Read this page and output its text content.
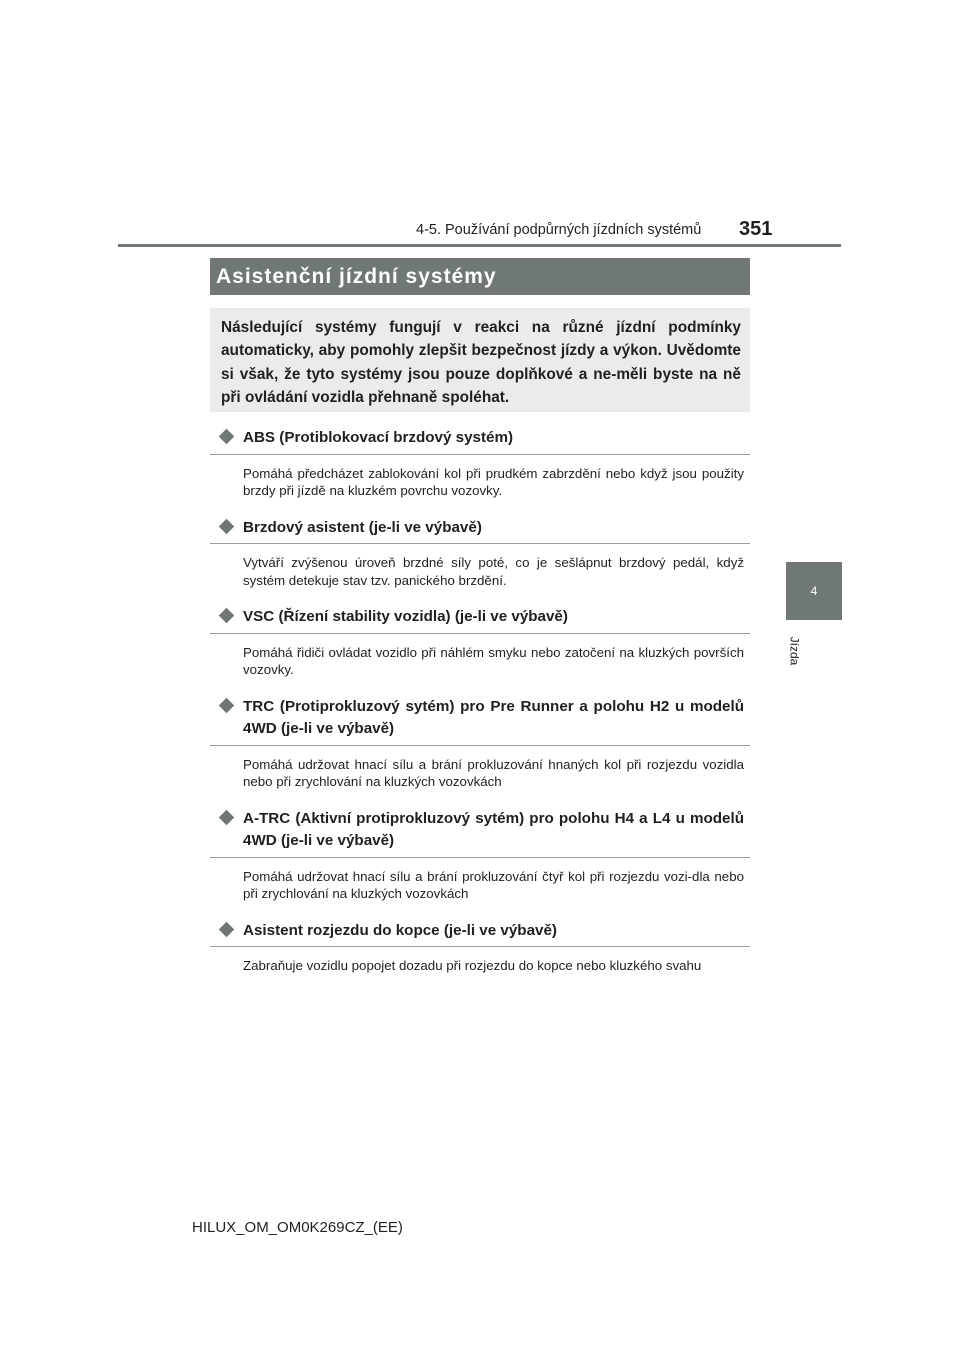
4-5. Používání podpůrných jízdních systémů 351
4
Jízda
Asistenční jízdní systémy
Následující systémy fungují v reakci na různé jízdní podmínky automaticky, aby pomohly zlepšit bezpečnost jízdy a výkon. Uvědomte si však, že tyto systémy jsou pouze doplňkové a ne-měli byste na ně při ovládání vozidla přehnaně spoléhat.
ABS (Protiblokovací brzdový systém)
Pomáhá předcházet zablokování kol při prudkém zabrzdění nebo když jsou použity brzdy při jízdě na kluzkém povrchu vozovky.
Brzdový asistent (je-li ve výbavě)
Vytváří zvýšenou úroveň brzdné síly poté, co je sešlápnut brzdový pedál, když systém detekuje stav tzv. panického brzdění.
VSC (Řízení stability vozidla) (je-li ve výbavě)
Pomáhá řidiči ovládat vozidlo při náhlém smyku nebo zatočení na kluzkých površích vozovky.
TRC (Protiprokluzový sytém) pro Pre Runner a polohu H2 u modelů 4WD (je-li ve výbavě)
Pomáhá udržovat hnací sílu a brání prokluzování hnaných kol při rozjezdu vozidla nebo při zrychlování na kluzkých vozovkách
A-TRC (Aktivní protiprokluzový sytém) pro polohu H4 a L4 u modelů 4WD (je-li ve výbavě)
Pomáhá udržovat hnací sílu a brání prokluzování čtyř kol při rozjezdu vozi-dla nebo při zrychlování na kluzkých vozovkách
Asistent rozjezdu do kopce (je-li ve výbavě)
Zabraňuje vozidlu popojet dozadu při rozjezdu do kopce nebo kluzkého svahu
HILUX_OM_OM0K269CZ_(EE)
